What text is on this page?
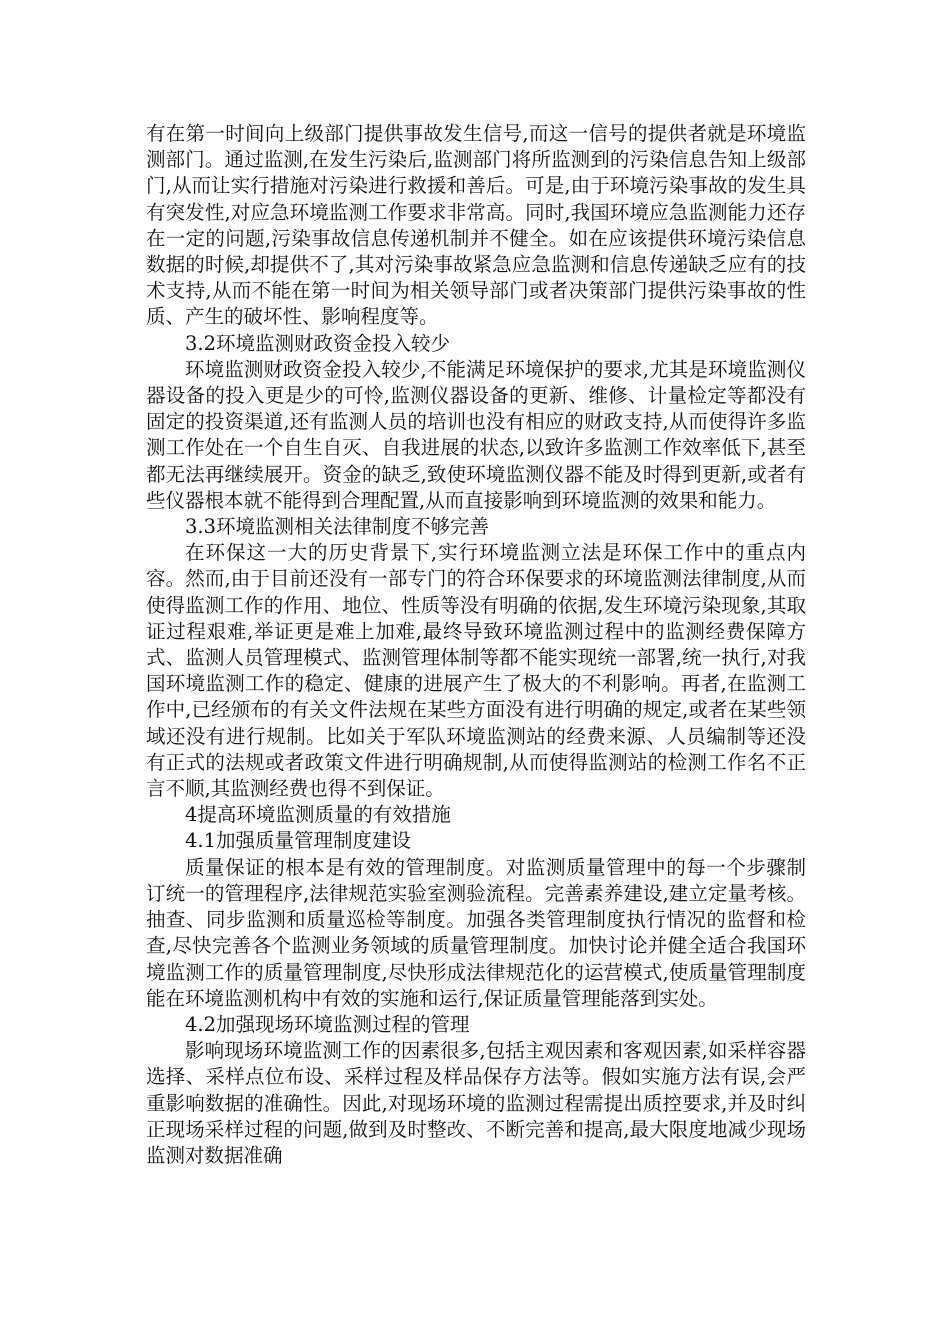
有在第一时间向上级部门提供事故发生信号,而这一信号的提供者就是环境监测部门。通过监测,在发生污染后,监测部门将所监测到的污染信息告知上级部门,从而让实行措施对污染进行救援和善后。可是,由于环境污染事故的发生具有突发性,对应急环境监测工作要求非常高。同时,我国环境应急监测能力还存在一定的问题,污染事故信息传递机制并不健全。如在应该提供环境污染信息数据的时候,却提供不了,其对污染事故紧急应急监测和信息传递缺乏应有的技术支持,从而不能在第一时间为相关领导部门或者决策部门提供污染事故的性质、产生的破坏性、影响程度等。

3.2环境监测财政资金投入较少

环境监测财政资金投入较少,不能满足环境保护的要求,尤其是环境监测仪器设备的投入更是少的可怜,监测仪器设备的更新、维修、计量检定等都没有固定的投资渠道,还有监测人员的培训也没有相应的财政支持,从而使得许多监测工作处在一个自生自灭、自我进展的状态,以致许多监测工作效率低下,甚至都无法再继续展开。资金的缺乏,致使环境监测仪器不能及时得到更新,或者有些仪器根本就不能得到合理配置,从而直接影响到环境监测的效果和能力。

3.3环境监测相关法律制度不够完善

在环保这一大的历史背景下,实行环境监测立法是环保工作中的重点内容。然而,由于目前还没有一部专门的符合环保要求的环境监测法律制度,从而使得监测工作的作用、地位、性质等没有明确的依据,发生环境污染现象,其取证过程艰难,举证更是难上加难,最终导致环境监测过程中的监测经费保障方式、监测人员管理模式、监测管理体制等都不能实现统一部署,统一执行,对我国环境监测工作的稳定、健康的进展产生了极大的不利影响。再者,在监测工作中,已经颁布的有关文件法规在某些方面没有进行明确的规定,或者在某些领域还没有进行规制。比如关于军队环境监测站的经费来源、人员编制等还没有正式的法规或者政策文件进行明确规制,从而使得监测站的检测工作名不正言不顺,其监测经费也得不到保证。

4提高环境监测质量的有效措施

4.1加强质量管理制度建设

质量保证的根本是有效的管理制度。对监测质量管理中的每一个步骤制订统一的管理程序,法律规范实验室测验流程。完善素养建设,建立定量考核。抽查、同步监测和质量巡检等制度。加强各类管理制度执行情况的监督和检查,尽快完善各个监测业务领域的质量管理制度。加快讨论并健全适合我国环境监测工作的质量管理制度,尽快形成法律规范化的运营模式,使质量管理制度能在环境监测机构中有效的实施和运行,保证质量管理能落到实处。

4.2加强现场环境监测过程的管理

影响现场环境监测工作的因素很多,包括主观因素和客观因素,如采样容器选择、采样点位布设、采样过程及样品保存方法等。假如实施方法有误,会严重影响数据的准确性。因此,对现场环境的监测过程需提出质控要求,并及时纠正现场采样过程的问题,做到及时整改、不断完善和提高,最大限度地减少现场监测对数据准确
